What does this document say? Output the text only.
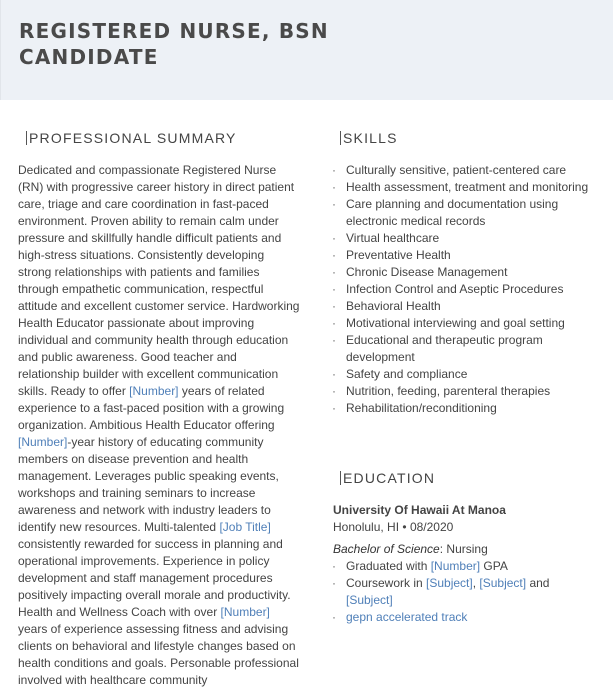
REGISTERED NURSE, BSN
CANDIDATE
PROFESSIONAL SUMMARY
Dedicated and compassionate Registered Nurse (RN) with progressive career history in direct patient care, triage and care coordination in fast-paced environment. Proven ability to remain calm under pressure and skillfully handle difficult patients and high-stress situations. Consistently developing strong relationships with patients and families through empathetic communication, respectful attitude and excellent customer service. Hardworking Health Educator passionate about improving individual and community health through education and public awareness. Good teacher and relationship builder with excellent communication skills. Ready to offer [Number] years of related experience to a fast-paced position with a growing organization. Ambitious Health Educator offering [Number]-year history of educating community members on disease prevention and health management. Leverages public speaking events, workshops and training seminars to increase awareness and network with industry leaders to identify new resources. Multi-talented [Job Title] consistently rewarded for success in planning and operational improvements. Experience in policy development and staff management procedures positively impacting overall morale and productivity. Health and Wellness Coach with over [Number] years of experience assessing fitness and advising clients on behavioral and lifestyle changes based on health conditions and goals. Personable professional involved with healthcare community
SKILLS
· Culturally sensitive, patient-centered care
· Health assessment, treatment and monitoring
· Care planning and documentation using electronic medical records
· Virtual healthcare
· Preventative Health
· Chronic Disease Management
· Infection Control and Aseptic Procedures
· Behavioral Health
· Motivational interviewing and goal setting
· Educational and therapeutic program development
· Safety and compliance
· Nutrition, feeding, parenteral therapies
· Rehabilitation/reconditioning
EDUCATION
University Of Hawaii At Manoa
Honolulu, HI • 08/2020
Bachelor of Science: Nursing
· Graduated with [Number] GPA
· Coursework in [Subject], [Subject] and
[Subject]
· gepn accelerated track
